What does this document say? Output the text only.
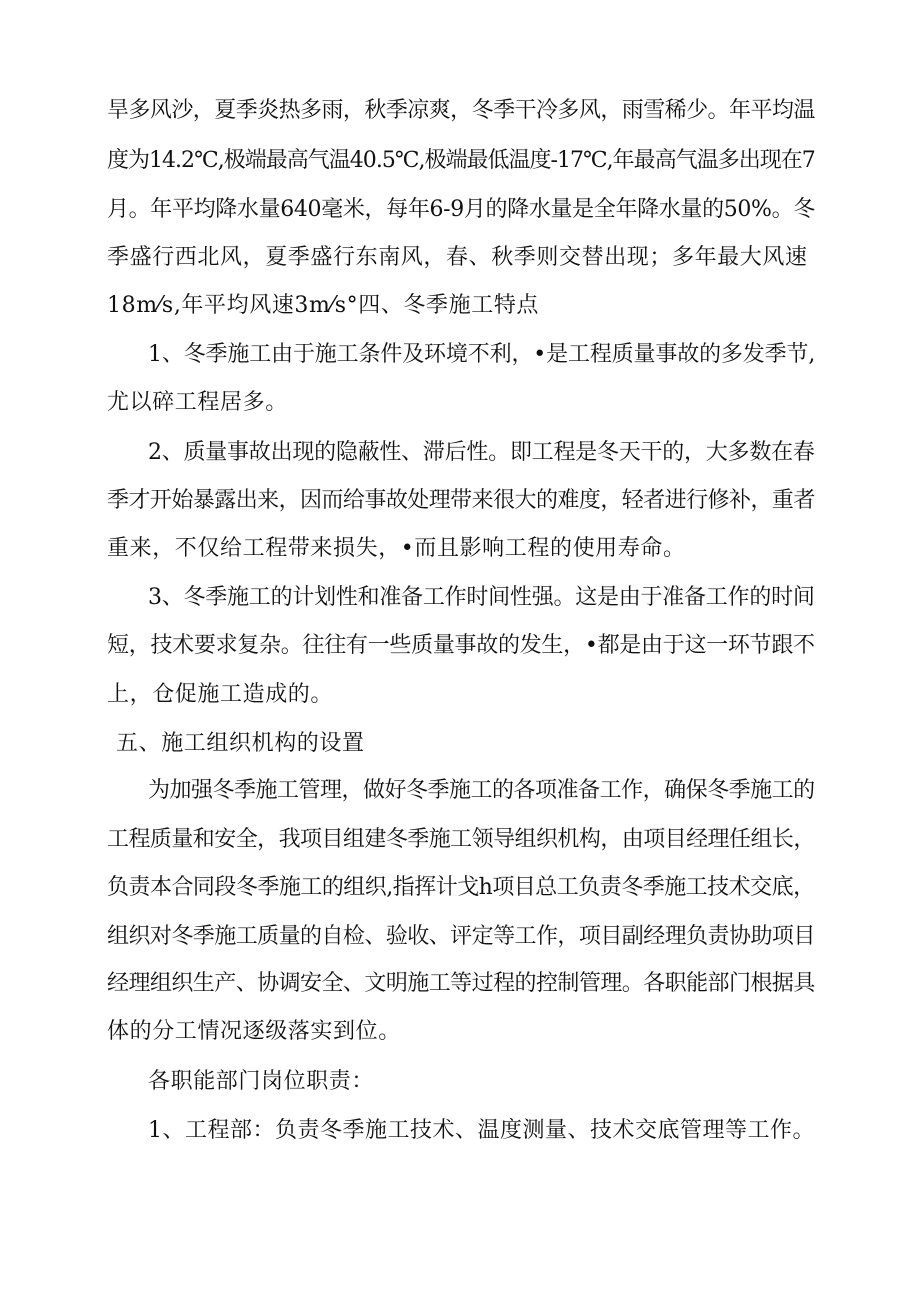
旱多风沙，夏季炎热多雨，秋季凉爽，冬季干冷多风，雨雪稀少。年平均温
度为14.2℃,极端最高气温40.5℃,极端最低温度-17℃,年最高气温多出现在7
月。年平均降水量640毫米，每年6-9月的降水量是全年降水量的50%。冬
季盛行西北风，夏季盛行东南风，春、秋季则交替出现；多年最大风速
18m⁄s,年平均风速3m⁄s°四、冬季施工特点
1、冬季施工由于施工条件及环境不利，•是工程质量事故的多发季节,
尤以碎工程居多。
2、质量事故出现的隐蔽性、滞后性。即工程是冬天干的，大多数在春
季才开始暴露出来，因而给事故处理带来很大的难度，轻者进行修补，重者
重来，不仅给工程带来损失，•而且影响工程的使用寿命。
3、冬季施工的计划性和准备工作时间性强。这是由于准备工作的时间
短，技术要求复杂。往往有一些质量事故的发生，•都是由于这一环节跟不
上，仓促施工造成的。
五、施工组织机构的设置
为加强冬季施工管理，做好冬季施工的各项准备工作，确保冬季施工的
工程质量和安全，我项目组建冬季施工领导组织机构，由项目经理任组长，
负责本合同段冬季施工的组织,指挥计戈h项目总工负责冬季施工技术交底，
组织对冬季施工质量的自检、验收、评定等工作，项目副经理负责协助项目
经理组织生产、协调安全、文明施工等过程的控制管理。各职能部门根据具
体的分工情况逐级落实到位。
各职能部门岗位职责：
1、工程部：负责冬季施工技术、温度测量、技术交底管理等工作。
